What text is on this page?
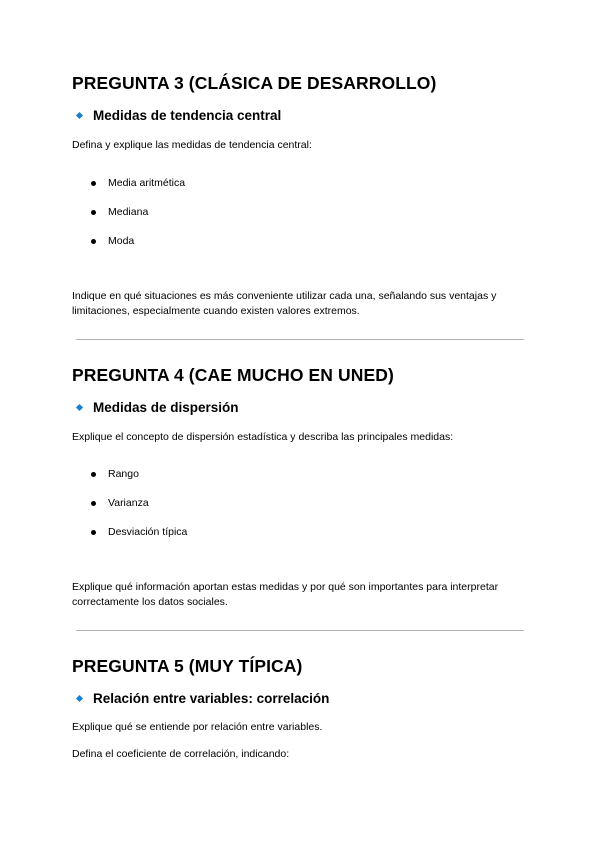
PREGUNTA 3 (CLÁSICA DE DESARROLLO)
Medidas de tendencia central
Defina y explique las medidas de tendencia central:
Media aritmética
Mediana
Moda
Indique en qué situaciones es más conveniente utilizar cada una, señalando sus ventajas y limitaciones, especialmente cuando existen valores extremos.
PREGUNTA 4 (CAE MUCHO EN UNED)
Medidas de dispersión
Explique el concepto de dispersión estadística y describa las principales medidas:
Rango
Varianza
Desviación típica
Explique qué información aportan estas medidas y por qué son importantes para interpretar correctamente los datos sociales.
PREGUNTA 5 (MUY TÍPICA)
Relación entre variables: correlación
Explique qué se entiende por relación entre variables.
Defina el coeficiente de correlación, indicando:
